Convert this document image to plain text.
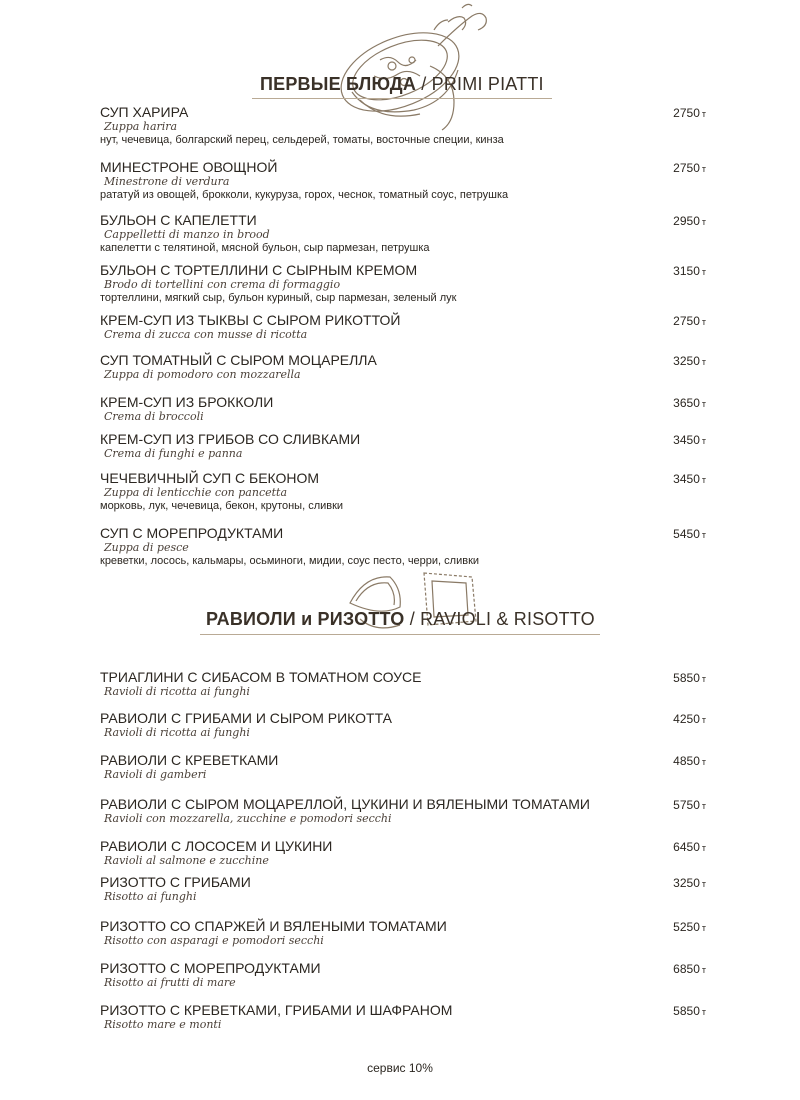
ПЕРВЫЕ БЛЮДА / PRIMI PIATTI
СУП ХАРИРА
Zuppa harira
нут, чечевица, болгарский перец, сельдерей, томаты, восточные специи, кинза
2750 т
МИНЕСТРОНЕ ОВОЩНОЙ
Minestrone di verdura
рататуй из овощей, брокколи, кукуруза, горох, чеснок, томатный соус, петрушка
2750 т
БУЛЬОН С КАПЕЛЕТТИ
Cappelletti di manzo in brood
капелетти с телятиной, мясной бульон, сыр пармезан, петрушка
2950 т
БУЛЬОН С ТОРТЕЛЛИНИ С СЫРНЫМ КРЕМОМ
Brodo di tortellini con crema di formaggio
тортеллини, мягкий сыр, бульон куриный, сыр пармезан, зеленый лук
3150 т
КРЕМ-СУП ИЗ ТЫКВЫ С СЫРОМ РИКОТТОЙ
Crema di zucca con musse di ricotta
2750 т
СУП ТОМАТНЫЙ С СЫРОМ МОЦАРЕЛЛА
Zuppa di pomodoro con mozzarella
3250 т
КРЕМ-СУП ИЗ БРОККОЛИ
Crema di broccoli
3650 т
КРЕМ-СУП ИЗ ГРИБОВ СО СЛИВКАМИ
Crema di funghi e panna
3450 т
ЧЕЧЕВИЧНЫЙ СУП С БЕКОНОМ
Zuppa di lenticchie con pancetta
морковь, лук, чечевица, бекон, крутоны, сливки
3450 т
СУП С МОРЕПРОДУКТАМИ
Zuppa di pesce
креветки, лосось, кальмары, осьминоги, мидии, соус песто, черри, сливки
5450 т
РАВИОЛИ и РИЗОТТО / RAVIOLI & RISOTTO
ТРИАГЛИНИ С СИБАСОМ В ТОМАТНОМ СОУСЕ
Ravioli di ricotta ai funghi
5850 т
РАВИОЛИ С ГРИБАМИ И СЫРОМ РИКОТТА
Ravioli di ricotta ai funghi
4250 т
РАВИОЛИ С КРЕВЕТКАМИ
Ravioli di gamberi
4850 т
РАВИОЛИ С СЫРОМ МОЦАРЕЛЛОЙ, ЦУКИНИ И ВЯЛЕНЫМИ ТОМАТАМИ
Ravioli con mozzarella, zucchine e pomodori secchi
5750 т
РАВИОЛИ С ЛОСОСЕМ И ЦУКИНИ
Ravioli al salmone e zucchine
6450 т
РИЗОТТО С ГРИБАМИ
Risotto ai funghi
3250 т
РИЗОТТО СО СПАРЖЕЙ И ВЯЛЕНЫМИ ТОМАТАМИ
Risotto con asparagi e pomodori secchi
5250 т
РИЗОТТО С МОРЕПРОДУКТАМИ
Risotto ai frutti di mare
6850 т
РИЗОТТО С КРЕВЕТКАМИ, ГРИБАМИ И ШАФРАНОМ
Risotto mare e monti
5850 т
сервис 10%
